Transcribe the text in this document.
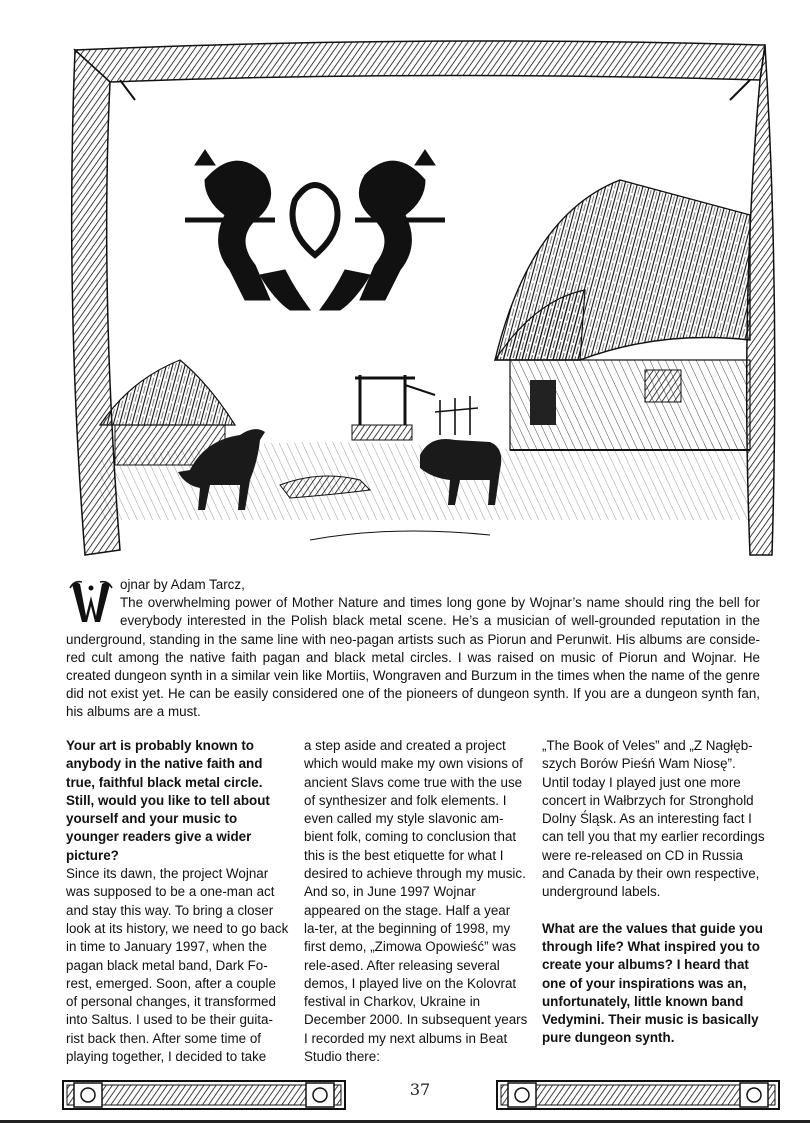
ojnar by Adam Tarcz,
The overwhelming power of Mother Nature and times long gone by Wojnar’s name should ring the bell for everybody interested in the Polish black metal scene. He’s a musician of well-grounded reputation in the underground, standing in the same line with neo-pagan artists such as Piorun and Perunwit. His albums are conside-red cult among the native faith pagan and black metal circles. I was raised on music of Piorun and Wojnar. He created dungeon synth in a similar vein like Mortiis, Wongraven and Burzum in the times when the name of the genre did not exist yet. He can be easily considered one of the pioneers of dungeon synth. If you are a dungeon synth fan, his albums are a must.

Your art is probably known to anybody in the native faith and true, faithful black metal circle. Still, would you like to tell about yourself and your music to younger readers give a wider picture?

Since its dawn, the project Wojnar was supposed to be a one-man act and stay this way. To bring a closer look at its history, we need to go back in time to January 1997, when the pagan black metal band, Dark Fo-rest, emerged. Soon, after a couple of personal changes, it transformed into Saltus. I used to be their guita-rist back then. After some time of playing together, I decided to take

a step aside and created a project which would make my own visions of ancient Slavs come true with the use of synthesizer and folk elements. I even called my style slavonic am-bient folk, coming to conclusion that this is the best etiquette for what I desired to achieve through my music. And so, in June 1997 Wojnar appeared on the stage. Half a year la-ter, at the beginning of 1998, my first demo, „Zimowa Opowieść” was rele-ased. After releasing several demos, I played live on the Kolovrat festival in Charkov, Ukraine in December 2000. In subsequent years I recorded my next albums in Beat Studio there:

„The Book of Veles” and „Z Nagłęb-szych Borów Pieśń Wam Niosę”. Until today I played just one more concert in Wałbrzych for Stronghold Dolny Śląsk. As an interesting fact I can tell you that my earlier recordings were re-released on CD in Russia and Canada by their own respective, underground labels.

What are the values that guide you through life? What inspired you to create your albums? I heard that one of your inspirations was an, unfortunately, little known band Vedymini. Their music is basically pure dungeon synth.

37
